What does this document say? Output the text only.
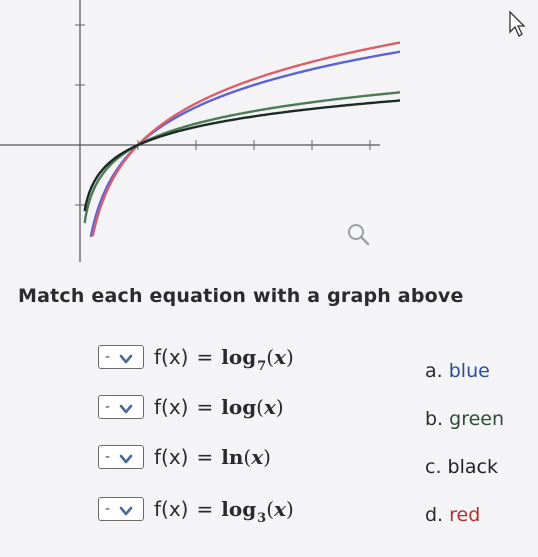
Match each equation with a graph above
- f(x) = log 7 (x)
- f(x) = log (x)
- f(x) = ln (x)
- f(x) = log 3 (x)
a. blue
b. green
c. black
d. red
